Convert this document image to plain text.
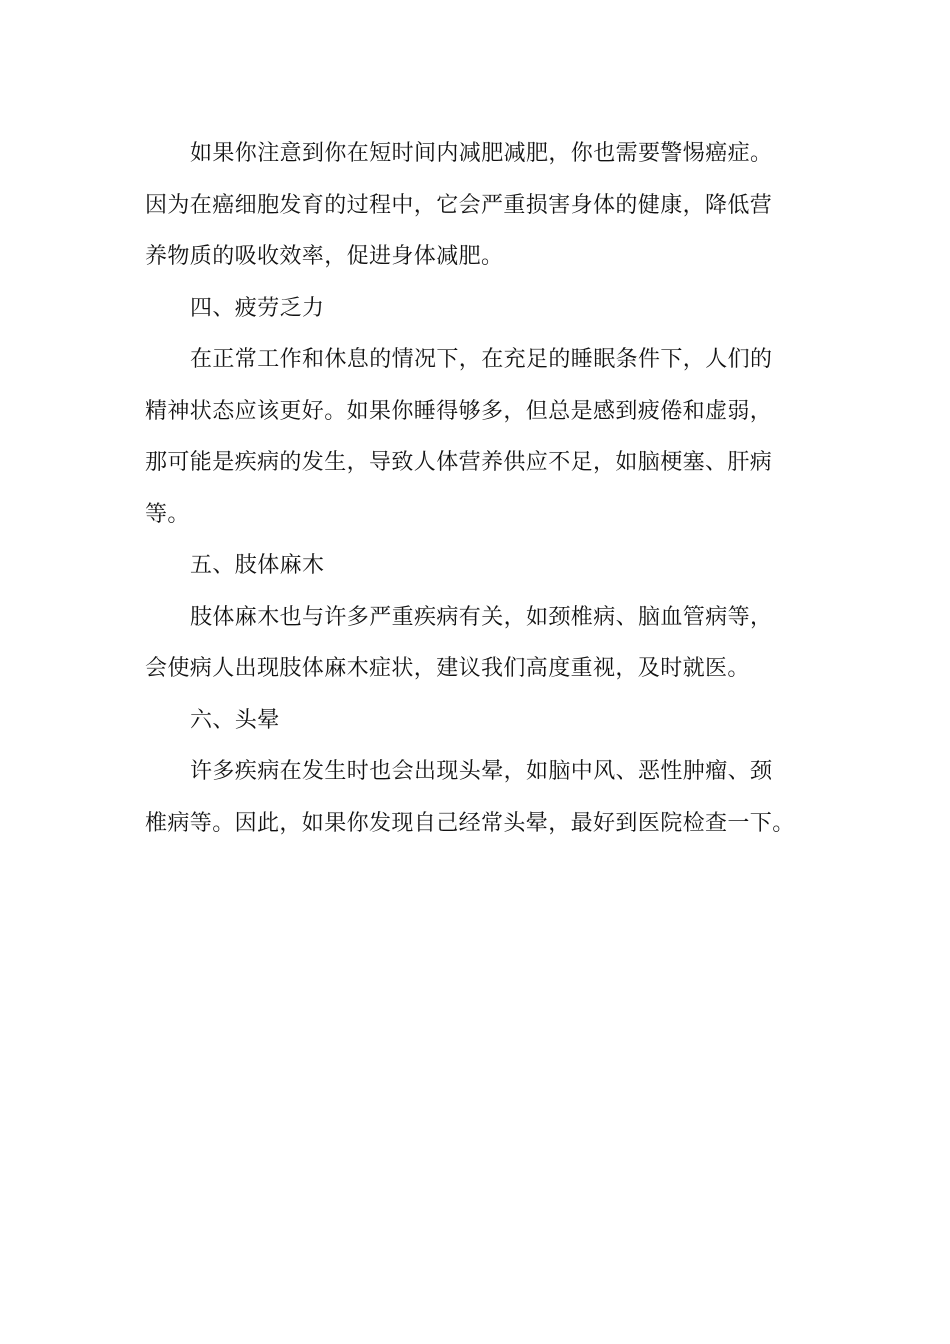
如果你注意到你在短时间内减肥减肥，你也需要警惕癌症。
因为在癌细胞发育的过程中，它会严重损害身体的健康，降低营
养物质的吸收效率，促进身体减肥。
四、疲劳乏力
在正常工作和休息的情况下，在充足的睡眠条件下，人们的
精神状态应该更好。如果你睡得够多，但总是感到疲倦和虚弱，
那可能是疾病的发生，导致人体营养供应不足，如脑梗塞、肝病
等。
五、肢体麻木
肢体麻木也与许多严重疾病有关，如颈椎病、脑血管病等，
会使病人出现肢体麻木症状，建议我们高度重视，及时就医。
六、头晕
许多疾病在发生时也会出现头晕，如脑中风、恶性肿瘤、颈
椎病等。因此，如果你发现自己经常头晕，最好到医院检查一下。
